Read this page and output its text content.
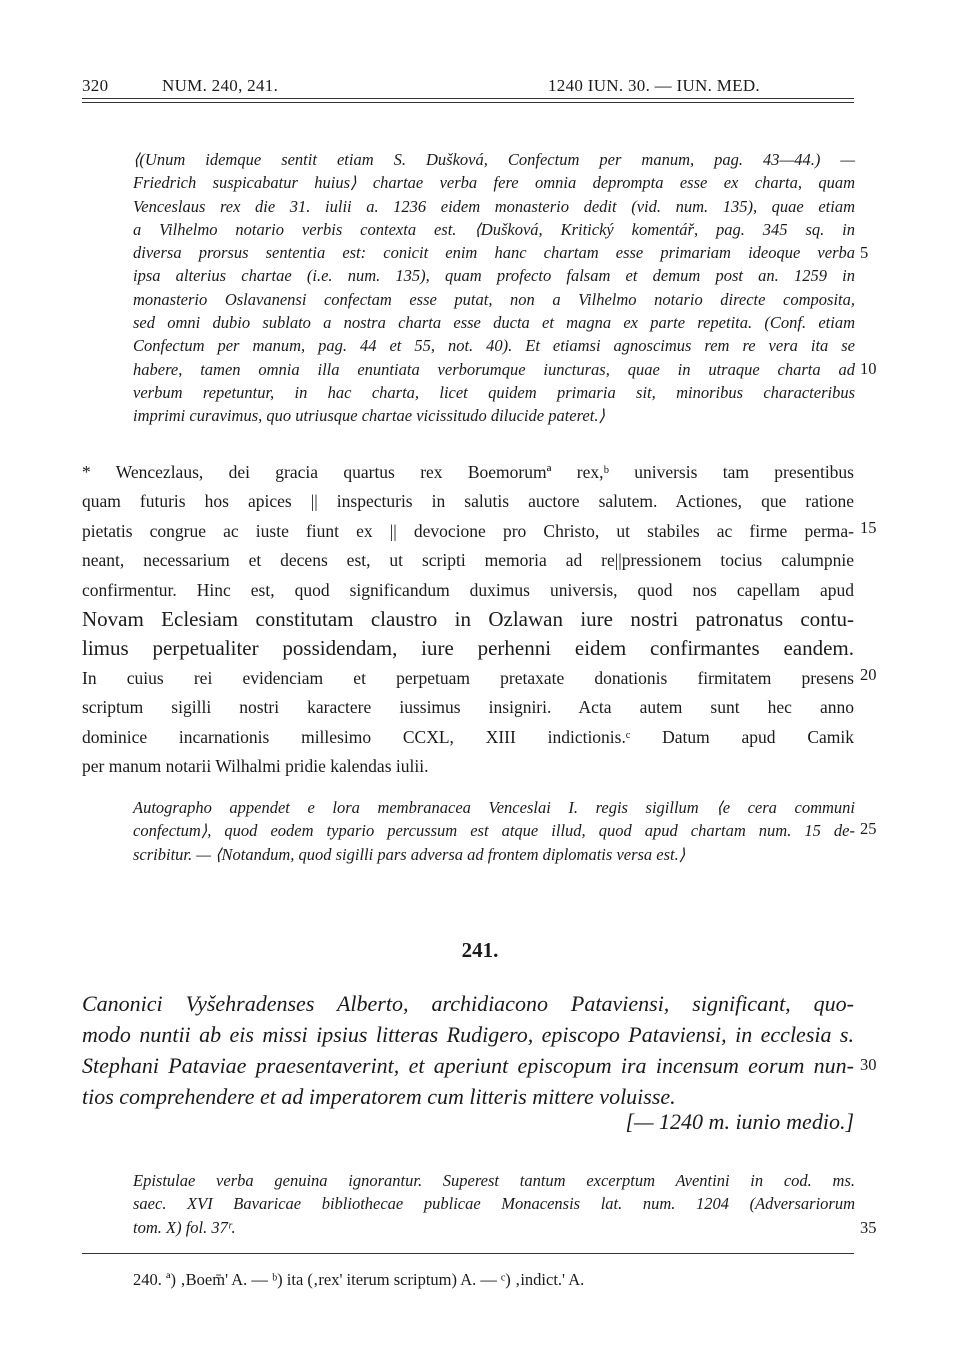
320	NUM. 240, 241.	1240 IUN. 30. — IUN. MED.

⟨(Unum idemque sentit etiam S. Dušková, Confectum per manum, pag. 43—44.) —

Friedrich suspicabatur huius⟩ chartae verba fere omnia deprompta esse ex charta, quam

Venceslaus rex die 31. iulii a. 1236 eidem monasterio dedit (vid. num. 135), quae etiam

a Vilhelmo notario verbis contexta est. ⟨Dušková, Kritický komentář, pag. 345 sq. in

diversa prorsus sententia est: conicit enim hanc chartam esse primariam ideoque verba

ipsa alterius chartae (i.e. num. 135), quam profecto falsam et demum post an. 1259 in

monasterio Oslavanensi confectam esse putat, non a Vilhelmo notario directe composita,

sed omni dubio sublato a nostra charta esse ducta et magna ex parte repetita. (Conf. etiam

Confectum per manum, pag. 44 et 55, not. 40). Et etiamsi agnoscimus rem re vera ita se

habere, tamen omnia illa enuntiata verborumque iuncturas, quae in utraque charta ad

verbum repetuntur, in hac charta, licet quidem primaria sit, minoribus characteribus

imprimi curavimus, quo utriusque chartae vicissitudo dilucide pateret.⟩

* Wencezlaus, dei gracia quartus rex Boemorumª rex,ᵇ universis tam presentibus

quam futuris hos apices || inspecturis in salutis auctore salutem. Actiones, que ratione

pietatis congrue ac iuste fiunt ex || devocione pro Christo, ut stabiles ac firme perma-

neant, necessarium et decens est, ut scripti memoria ad re||pressionem tocius calumpnie

confirmentur. Hinc est, quod significandum duximus universis, quod nos capellam apud

Novam Eclesiam constitutam claustro in Ozlawan iure nostri patronatus contu-

limus perpetualiter possidendam, iure perhenni eidem confirmantes eandem.

In cuius rei evidenciam et perpetuam pretaxate donationis firmitatem presens

scriptum sigilli nostri karactere iussimus insigniri. Acta autem sunt hec anno

dominice incarnationis millesimo CCXL, XIII indictionis.ᶜ Datum apud Camik

per manum notarii Wilhalmi pridie kalendas iulii.

Autographo appendet e lora membranacea Venceslai I. regis sigillum ⟨e cera communi

confectum⟩, quod eodem typario percussum est atque illud, quod apud chartam num. 15 de-

scribitur. — ⟨Notandum, quod sigilli pars adversa ad frontem diplomatis versa est.⟩

241.

Canonici Vyšehradenses Alberto, archidiacono Pataviensi, significant, quo-

modo nuntii ab eis missi ipsius litteras Rudigero, episcopo Pataviensi, in ecclesia s.

Stephani Pataviae praesentaverint, et aperiunt episcopum ira incensum eorum nun-

tios comprehendere et ad imperatorem cum litteris mittere voluisse.

[— 1240 m. iunio medio.]

Epistulae verba genuina ignorantur. Superest tantum excerptum Aventini in cod. ms.

saec. XVI Bavaricae bibliothecae publicae Monacensis lat. num. 1204 (Adversariorum

tom. X) fol. 37ʳ.

240. ª) ‚Boem̄' A. — ᵇ) ita (‚rex' iterum scriptum) A. — ᶜ) ‚indict.' A.

5
10
15
20
25
30
35
